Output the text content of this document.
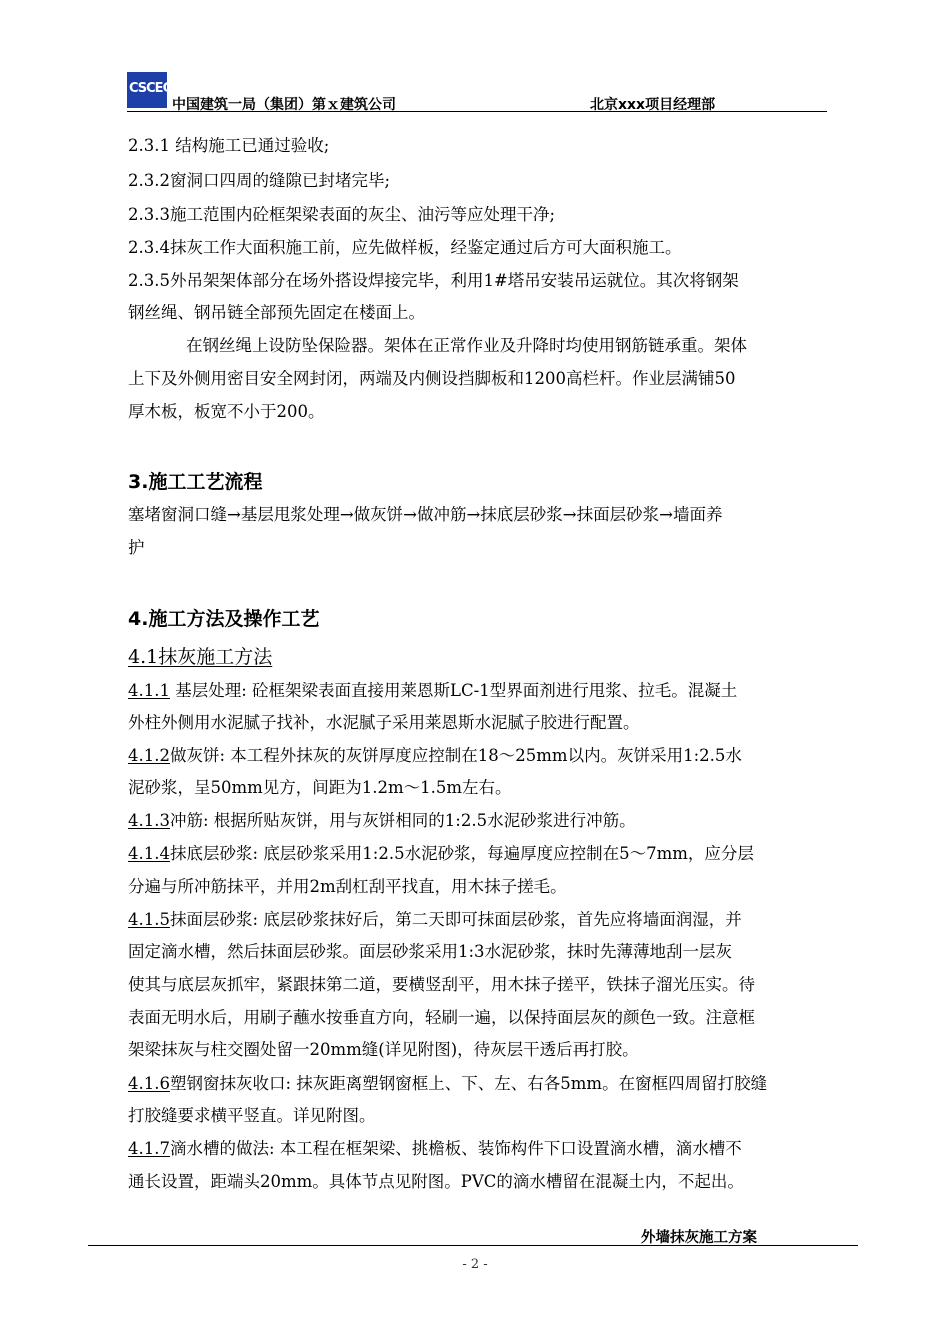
CSCEC
中国建筑一局（集团）第ｘ建筑公司	北京xxx项目经理部
2.3.1 结构施工已通过验收;
2.3.2窗洞口四周的缝隙已封堵完毕;
2.3.3施工范围内砼框架梁表面的灰尘、油污等应处理干净;
2.3.4抹灰工作大面积施工前，应先做样板，经鉴定通过后方可大面积施工。
2.3.5外吊架架体部分在场外搭设焊接完毕，利用1#塔吊安装吊运就位。其次将钢架
钢丝绳、钢吊链全部预先固定在楼面上。
在钢丝绳上设防坠保险器。架体在正常作业及升降时均使用钢筋链承重。架体
上下及外侧用密目安全网封闭，两端及内侧设挡脚板和1200高栏杆。作业层满铺50
厚木板，板宽不小于200。
3.施工工艺流程
塞堵窗洞口缝→基层甩浆处理→做灰饼→做冲筋→抹底层砂浆→抹面层砂浆→墙面养
护
4.施工方法及操作工艺
4.1抹灰施工方法
4.1.1 基层处理: 砼框架梁表面直接用莱恩斯LC-1型界面剂进行甩浆、拉毛。混凝土
外柱外侧用水泥腻子找补，水泥腻子采用莱恩斯水泥腻子胶进行配置。
4.1.2做灰饼: 本工程外抹灰的灰饼厚度应控制在18～25mm以内。灰饼采用1:2.5水
泥砂浆，呈50mm见方，间距为1.2m～1.5m左右。
4.1.3冲筋: 根据所贴灰饼，用与灰饼相同的1:2.5水泥砂浆进行冲筋。
4.1.4抹底层砂浆: 底层砂浆采用1:2.5水泥砂浆，每遍厚度应控制在5～7mm，应分层
分遍与所冲筋抹平，并用2m刮杠刮平找直，用木抹子搓毛。
4.1.5抹面层砂浆: 底层砂浆抹好后，第二天即可抹面层砂浆，首先应将墙面润湿，并
固定滴水槽，然后抹面层砂浆。面层砂浆采用1:3水泥砂浆，抹时先薄薄地刮一层灰
使其与底层灰抓牢，紧跟抹第二道，要横竖刮平，用木抹子搓平，铁抹子溜光压实。待
表面无明水后，用刷子蘸水按垂直方向，轻刷一遍，以保持面层灰的颜色一致。注意框
架梁抹灰与柱交圈处留一20mm缝(详见附图)，待灰层干透后再打胶。
4.1.6塑钢窗抹灰收口: 抹灰距离塑钢窗框上、下、左、右各5mm。在窗框四周留打胶缝
打胶缝要求横平竖直。详见附图。
4.1.7滴水槽的做法: 本工程在框架梁、挑檐板、装饰构件下口设置滴水槽，滴水槽不
通长设置，距端头20mm。具体节点见附图。PVC的滴水槽留在混凝土内，不起出。
外墙抹灰施工方案
- 2 -
